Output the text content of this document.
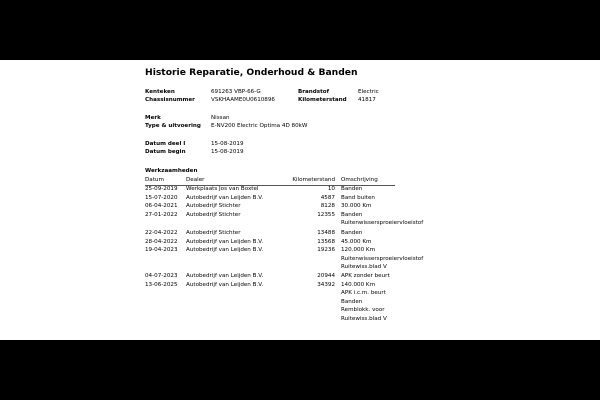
Historie Reparatie, Onderhoud & Banden
Kenteken	691263 VBP-66-G	Brandstof	Electric
Chassisnummer	VSKHAAME0U0610896	Kilometerstand 41817
Merk	Nissan
Type & uitvoering E-NV200 Electric Optima 4D 80kW
Datum deel I	15-08-2019
Datum begin	15-08-2019
Werkzaamheden
Datum	Dealer	Kilometerstand Omschrijving
25-09-2019 Werkplaats Jos van Boxtel	10 Banden
15-07-2020 Autobedrijf van Leijden B.V.	4587 Band buiten
06-04-2021 Autobedrijf Stichter	8128 30.000 Km
27-01-2022 Autobedrijf Stichter	12355 Banden
Ruitenwissersproeiervloeistof
22-04-2022 Autobedrijf Stichter	13488 Banden
28-04-2022 Autobedrijf van Leijden B.V.	13568 45.000 Km
19-04-2023 Autobedrijf van Leijden B.V.	19236 120.000 Km
Ruitenwissersproeiervloeistof
Ruitewiss.blad V
04-07-2023 Autobedrijf van Leijden B.V.	20944 APK zonder beurt
13-06-2025 Autobedrijf van Leijden B.V.	34392 140.000 Km
APK i.c.m. beurt
Banden
Remblokk. voor
Ruitewiss.blad V
